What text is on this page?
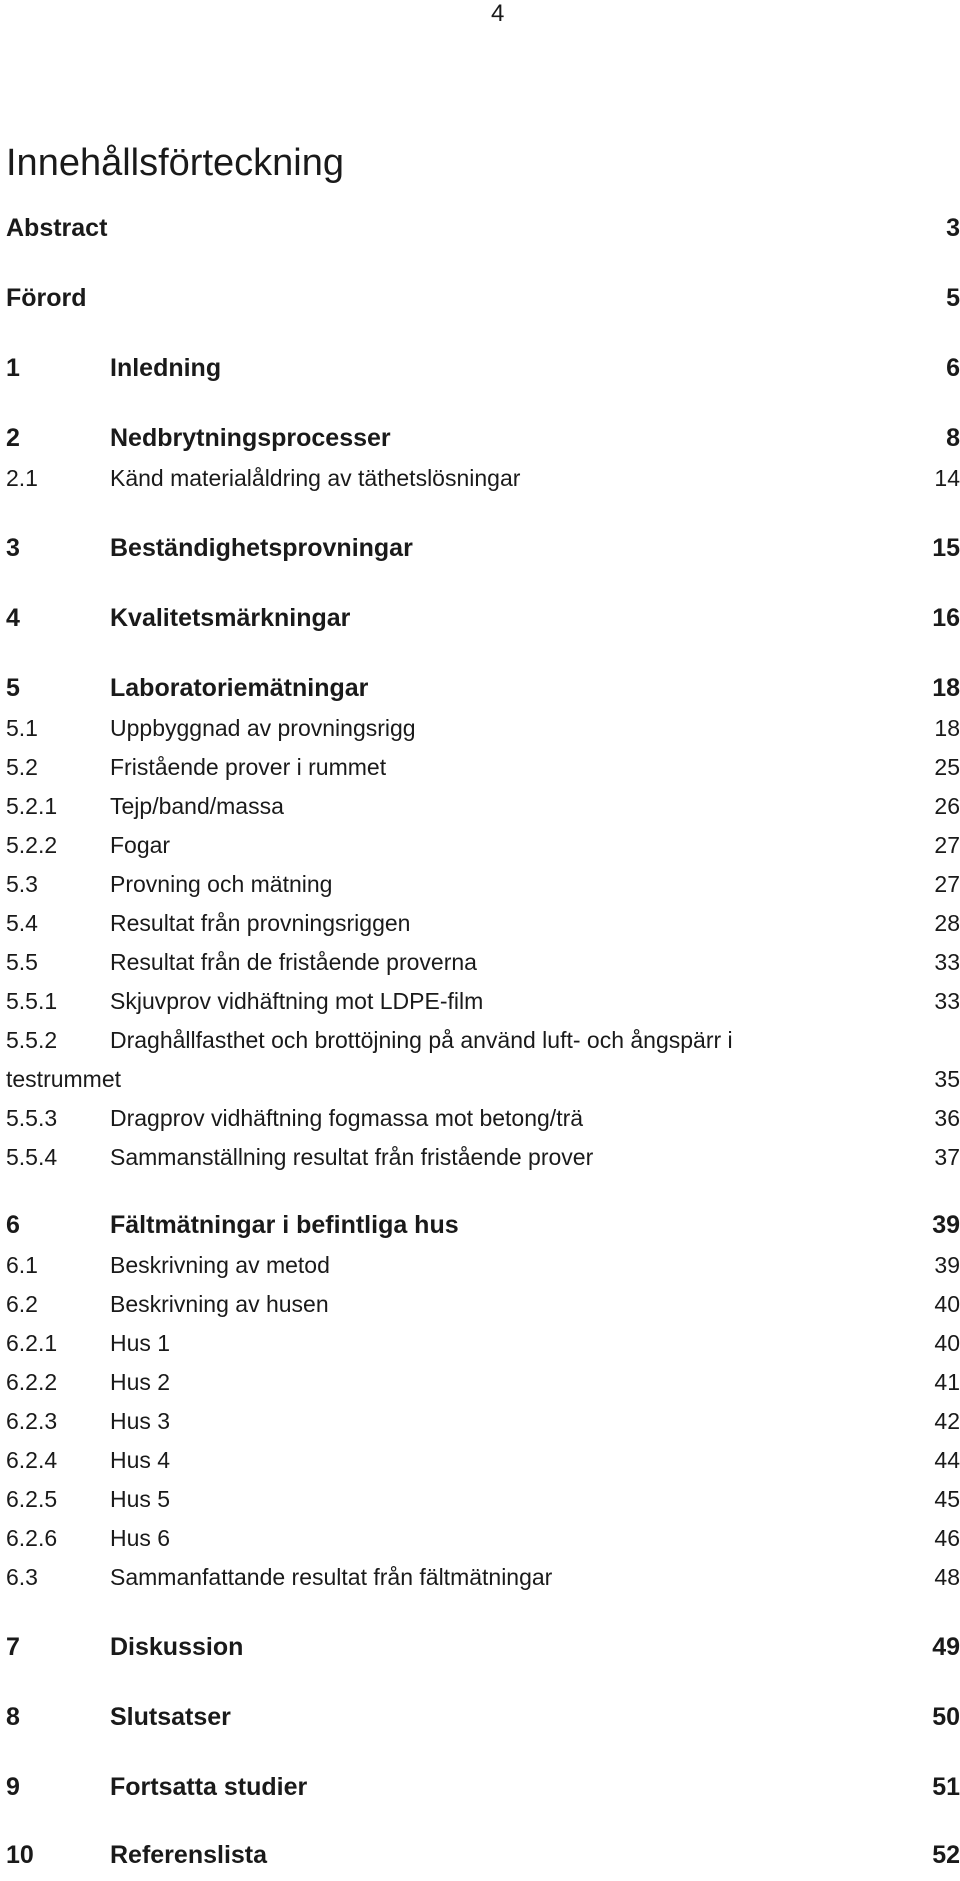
4
Innehållsförteckning
Abstract	3
Förord	5
1	Inledning	6
2	Nedbrytningsprocesser	8
2.1	Känd materialåldring av täthetslösningar	14
3	Beständighetsprovningar	15
4	Kvalitetsmärkningar	16
5	Laboratoriemätningar	18
5.1	Uppbyggnad av provningsrigg	18
5.2	Fristående prover i rummet	25
5.2.1 Tejp/band/massa	26
5.2.2 Fogar	27
5.3	Provning och mätning	27
5.4	Resultat från provningsriggen	28
5.5	Resultat från de fristående proverna	33
5.5.1 Skjuvprov vidhäftning mot LDPE-film	33
5.5.2 Draghållfasthet och brottöjning på använd luft- och ångspärr i
testrummet	35
5.5.3 Dragprov vidhäftning fogmassa mot betong/trä	36
5.5.4 Sammanställning resultat från fristående prover	37
6	Fältmätningar i befintliga hus	39
6.1	Beskrivning av metod	39
6.2	Beskrivning av husen	40
6.2.1 Hus 1	40
6.2.2 Hus 2	41
6.2.3 Hus 3	42
6.2.4 Hus 4	44
6.2.5 Hus 5	45
6.2.6 Hus 6	46
6.3	Sammanfattande resultat från fältmätningar	48
7	Diskussion	49
8	Slutsatser	50
9	Fortsatta studier	51
10	Referenslista	52
